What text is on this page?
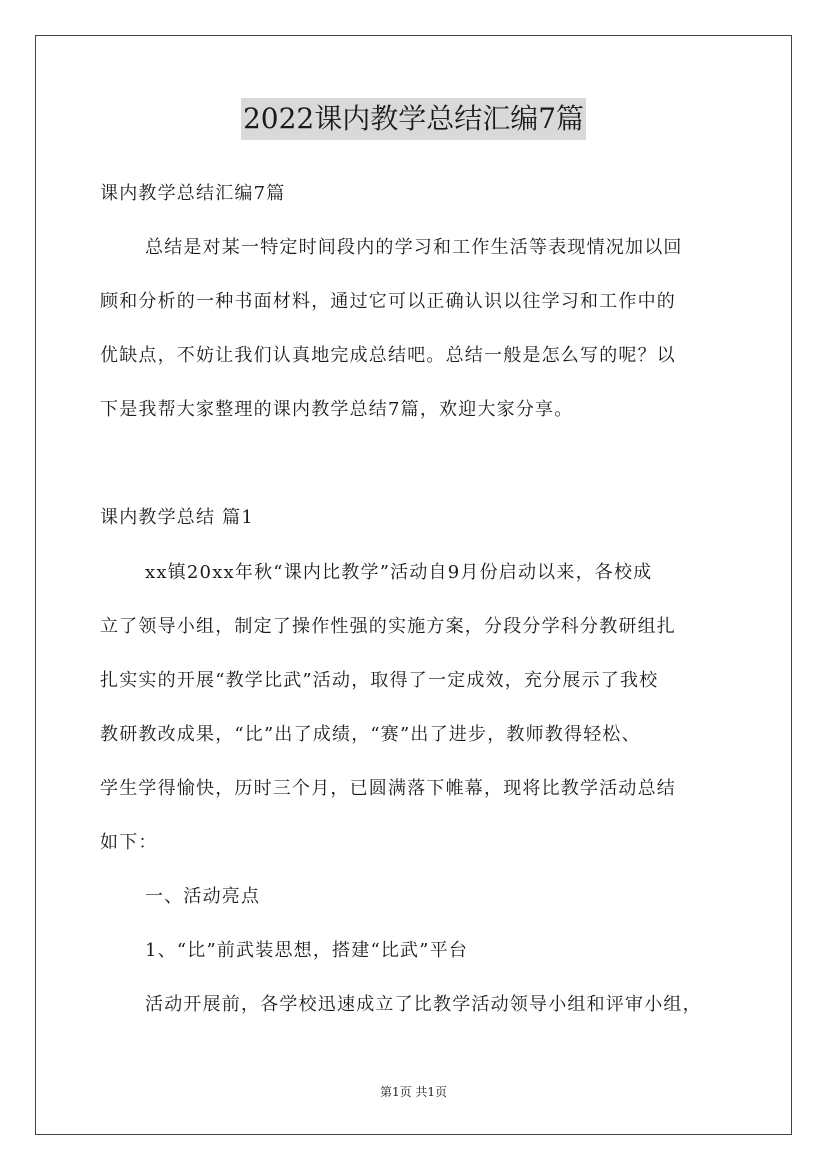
2022课内教学总结汇编7篇
课内教学总结汇编7篇
总结是对某一特定时间段内的学习和工作生活等表现情况加以回
顾和分析的一种书面材料，通过它可以正确认识以往学习和工作中的
优缺点，不妨让我们认真地完成总结吧。总结一般是怎么写的呢？以
下是我帮大家整理的课内教学总结7篇，欢迎大家分享。
课内教学总结 篇1
xx镇20xx年秋“课内比教学”活动自9月份启动以来，各校成
立了领导小组，制定了操作性强的实施方案，分段分学科分教研组扎
扎实实的开展“教学比武”活动，取得了一定成效，充分展示了我校
教研教改成果，“比”出了成绩，“赛”出了进步，教师教得轻松、
学生学得愉快，历时三个月，已圆满落下帷幕，现将比教学活动总结
如下：
一、活动亮点
1、“比”前武装思想，搭建“比武”平台
活动开展前，各学校迅速成立了比教学活动领导小组和评审小组，
第1页 共1页
